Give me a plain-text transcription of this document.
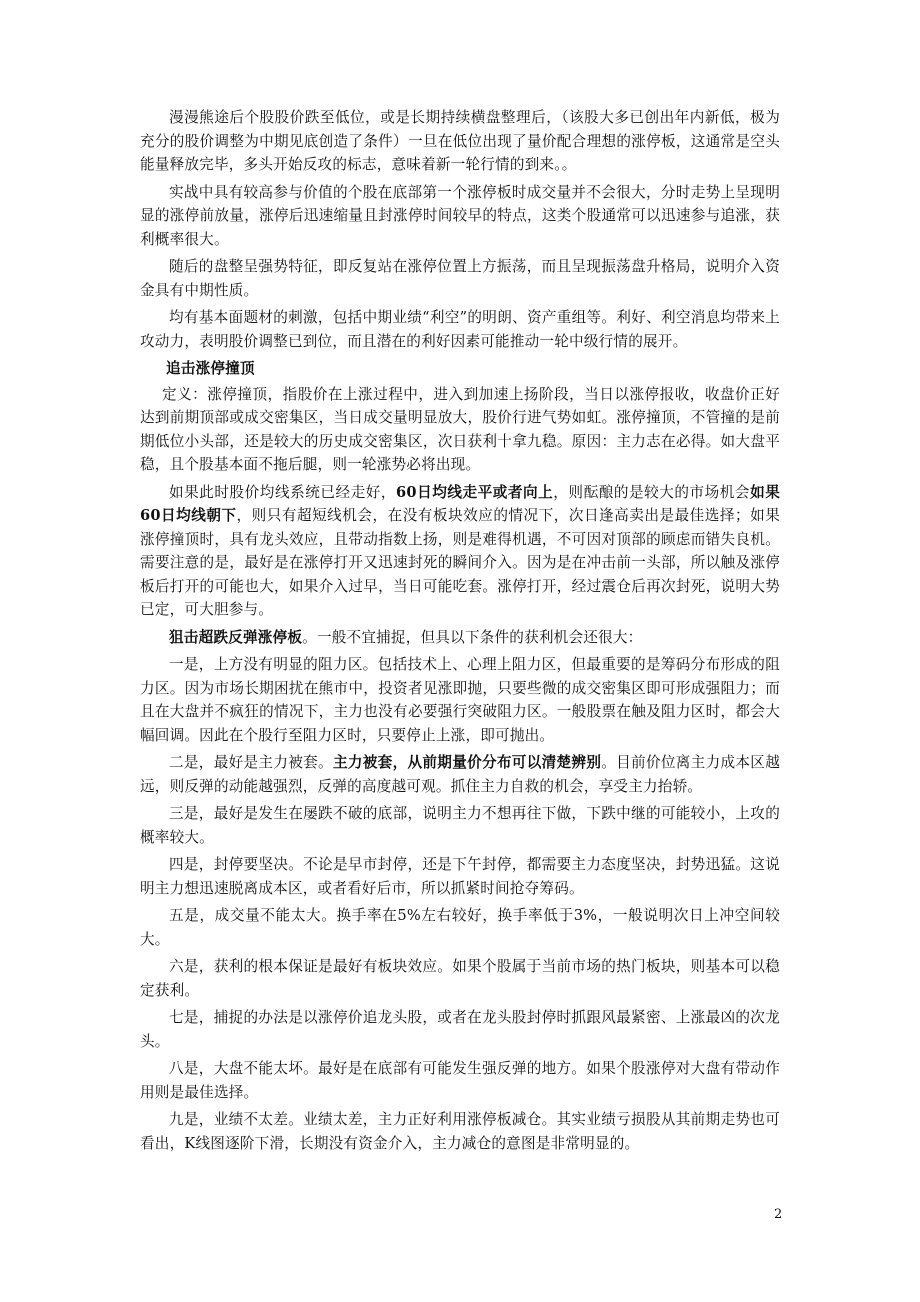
漫漫熊途后个股股价跌至低位，或是长期持续横盘整理后，（该股大多已创出年内新低，极为充分的股价调整为中期见底创造了条件）一旦在低位出现了量价配合理想的涨停板，这通常是空头能量释放完毕，多头开始反攻的标志，意味着新一轮行情的到来。。

实战中具有较高参与价值的个股在底部第一个涨停板时成交量并不会很大，分时走势上呈现明显的涨停前放量，涨停后迅速缩量且封涨停时间较早的特点，这类个股通常可以迅速参与追涨，获利概率很大。

随后的盘整呈强势特征，即反复站在涨停位置上方振荡，而且呈现振荡盘升格局，说明介入资金具有中期性质。

均有基本面题材的刺激，包括中期业绩“利空”的明朗、资产重组等。利好、利空消息均带来上攻动力，表明股价调整已到位，而且潜在的利好因素可能推动一轮中级行情的展开。

追击涨停撞顶

定义：涨停撞顶，指股价在上涨过程中，进入到加速上扬阶段，当日以涨停报收，收盘价正好达到前期顶部或成交密集区，当日成交量明显放大，股价行进气势如虹。涨停撞顶，不管撞的是前期低位小头部，还是较大的历史成交密集区，次日获利十拿九稳。原因：主力志在必得。如大盘平稳，且个股基本面不拖后腿，则一轮涨势必将出现。

如果此时股价均线系统已经走好，60日均线走平或者向上，则酝酿的是较大的市场机会如果60日均线朝下，则只有超短线机会，在没有板块效应的情况下，次日逢高卖出是最佳选择；如果涨停撞顶时，具有龙头效应，且带动指数上扬，则是难得机遇，不可因对顶部的顾虑而错失良机。需要注意的是，最好是在涨停打开又迅速封死的瞬间介入。因为是在冲击前一头部，所以触及涨停板后打开的可能也大，如果介入过早，当日可能吃套。涨停打开，经过震仓后再次封死，说明大势已定，可大胆参与。

狙击超跌反弹涨停板。一般不宜捕捉，但具以下条件的获利机会还很大：

一是，上方没有明显的阻力区。包括技术上、心理上阻力区，但最重要的是筹码分布形成的阻力区。因为市场长期困扰在熊市中，投资者见涨即抛，只要些微的成交密集区即可形成强阻力；而且在大盘并不疯狂的情况下，主力也没有必要强行突破阻力区。一般股票在触及阻力区时，都会大幅回调。因此在个股行至阻力区时，只要停止上涨，即可抛出。

二是，最好是主力被套。主力被套，从前期量价分布可以清楚辨别。目前价位离主力成本区越远，则反弹的动能越强烈，反弹的高度越可观。抓住主力自救的机会，享受主力抬轿。

三是，最好是发生在屡跌不破的底部，说明主力不想再往下做，下跌中继的可能较小，上攻的概率较大。

四是，封停要坚决。不论是早市封停，还是下午封停，都需要主力态度坚决，封势迅猛。这说明主力想迅速脱离成本区，或者看好后市，所以抓紧时间抢夺筹码。

五是，成交量不能太大。换手率在5%左右较好，换手率低于3%，一般说明次日上冲空间较大。

六是，获利的根本保证是最好有板块效应。如果个股属于当前市场的热门板块，则基本可以稳定获利。

七是，捕捉的办法是以涨停价追龙头股，或者在龙头股封停时抓跟风最紧密、上涨最凶的次龙头。

八是，大盘不能太坏。最好是在底部有可能发生强反弹的地方。如果个股涨停对大盘有带动作用则是最佳选择。

九是，业绩不太差。业绩太差，主力正好利用涨停板减仓。其实业绩亏损股从其前期走势也可看出，K线图逐阶下滑，长期没有资金介入，主力减仓的意图是非常明显的。

2
